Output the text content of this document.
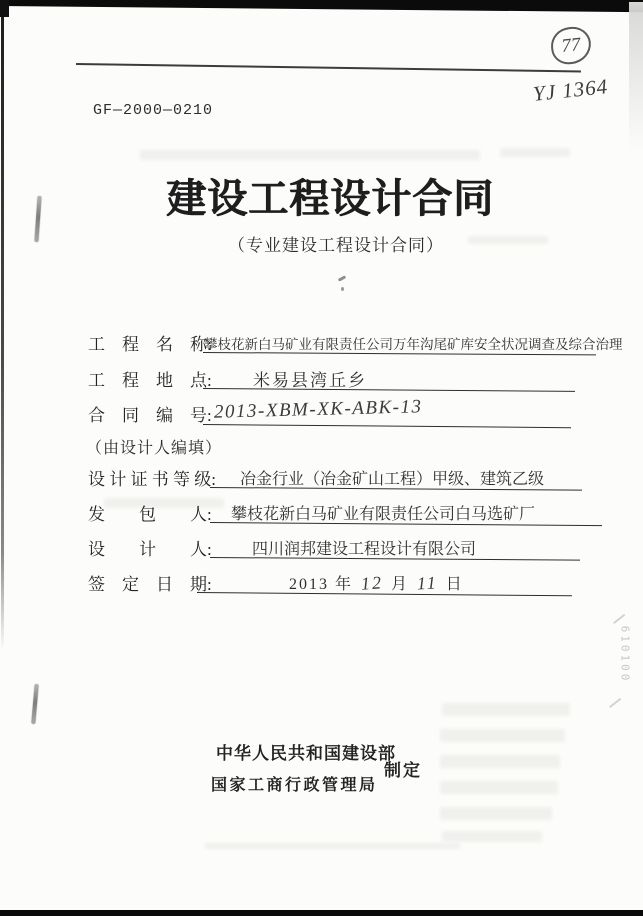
GF—2000—0210
77
YJ 1364
建设工程设计合同
（专业建设工程设计合同）
工　程　名　称:
攀枝花新白马矿业有限责任公司万年沟尾矿库安全状况调查及综合治理
工　程　地　点: 米易县湾丘乡
合　同　编　号: 2013-XBM-XK-ABK-13
（由设计人编填）
设 计 证 书 等 级: 冶金行业（冶金矿山工程）甲级、建筑乙级
发　　包　　人: 攀枝花新白马矿业有限责任公司白马选矿厂
设　　计　　人:	四川润邦建设工程设计有限公司
签　定　日　期:	2013 年 12 月 11 日
中华人民共和国建设部
国家工商行政管理局
制定
610100
